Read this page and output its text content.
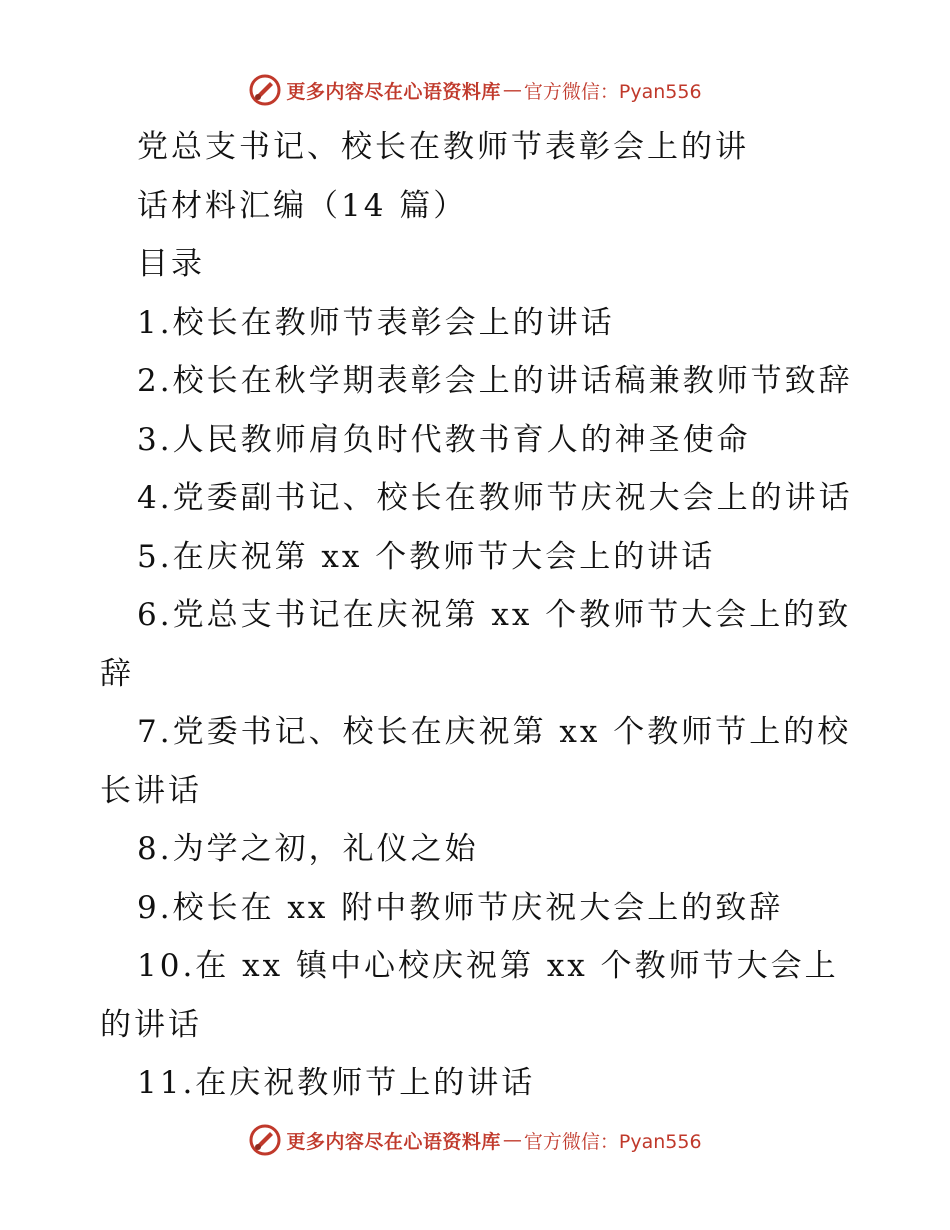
更多内容尽在心语资料库 — 官方微信：Pyan556

党总支书记、校长在教师节表彰会上的讲

话材料汇编（14 篇）

目录

1.校长在教师节表彰会上的讲话

2.校长在秋学期表彰会上的讲话稿兼教师节致辞

3.人民教师肩负时代教书育人的神圣使命

4.党委副书记、校长在教师节庆祝大会上的讲话

5.在庆祝第 xx 个教师节大会上的讲话

6.党总支书记在庆祝第 xx 个教师节大会上的致辞

7.党委书记、校长在庆祝第 xx 个教师节上的校长讲话

8.为学之初，礼仪之始

9.校长在 xx 附中教师节庆祝大会上的致辞

10.在 xx 镇中心校庆祝第 xx 个教师节大会上的讲话

11.在庆祝教师节上的讲话

更多内容尽在心语资料库 — 官方微信：Pyan556
